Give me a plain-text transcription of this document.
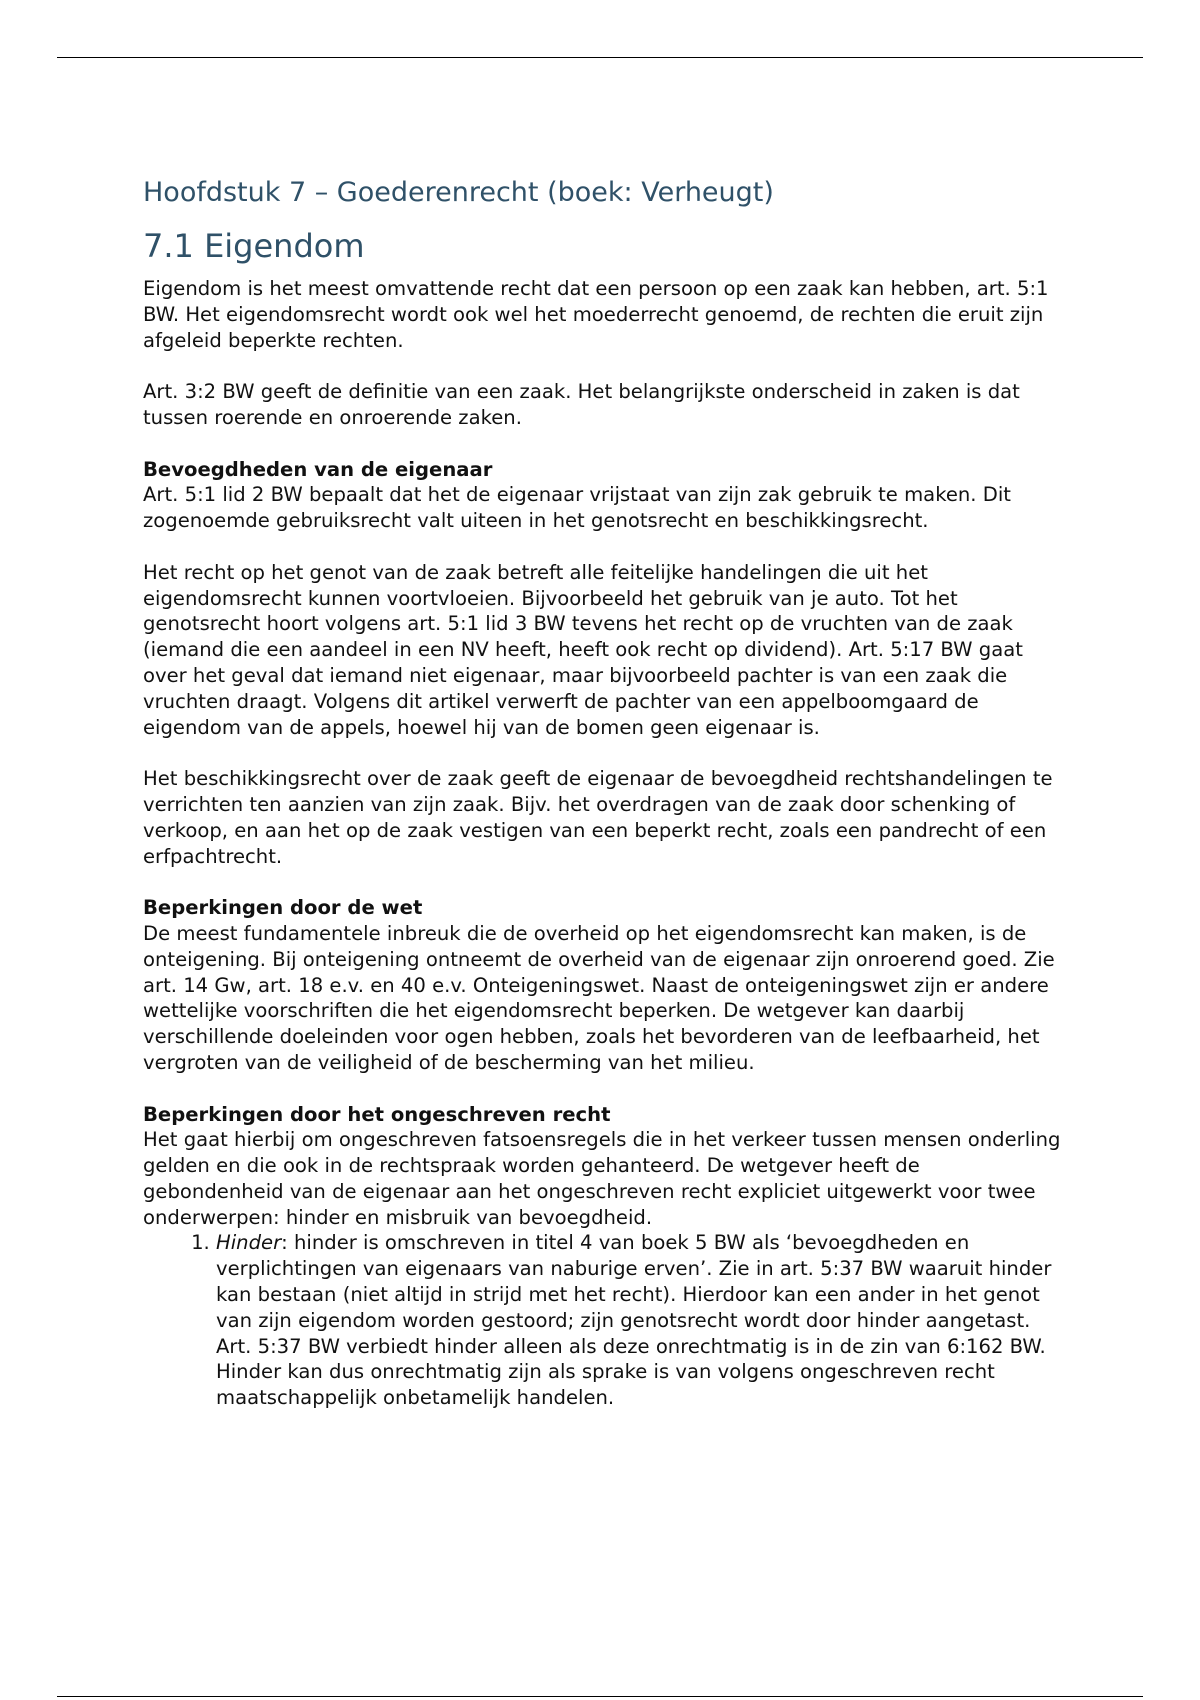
Hoofdstuk 7 – Goederenrecht (boek: Verheugt)
7.1 Eigendom

Eigendom is het meest omvattende recht dat een persoon op een zaak kan hebben, art. 5:1 BW. Het eigendomsrecht wordt ook wel het moederrecht genoemd, de rechten die eruit zijn afgeleid beperkte rechten.

Art. 3:2 BW geeft de definitie van een zaak. Het belangrijkste onderscheid in zaken is dat tussen roerende en onroerende zaken.

Bevoegdheden van de eigenaar

Art. 5:1 lid 2 BW bepaalt dat het de eigenaar vrijstaat van zijn zak gebruik te maken. Dit zogenoemde gebruiksrecht valt uiteen in het genotsrecht en beschikkingsrecht.

Het recht op het genot van de zaak betreft alle feitelijke handelingen die uit het eigendomsrecht kunnen voortvloeien. Bijvoorbeeld het gebruik van je auto. Tot het genotsrecht hoort volgens art. 5:1 lid 3 BW tevens het recht op de vruchten van de zaak (iemand die een aandeel in een NV heeft, heeft ook recht op dividend). Art. 5:17 BW gaat over het geval dat iemand niet eigenaar, maar bijvoorbeeld pachter is van een zaak die vruchten draagt. Volgens dit artikel verwerft de pachter van een appelboomgaard de eigendom van de appels, hoewel hij van de bomen geen eigenaar is.

Het beschikkingsrecht over de zaak geeft de eigenaar de bevoegdheid rechtshandelingen te verrichten ten aanzien van zijn zaak. Bijv. het overdragen van de zaak door schenking of verkoop, en aan het op de zaak vestigen van een beperkt recht, zoals een pandrecht of een erfpachtrecht.

Beperkingen door de wet

De meest fundamentele inbreuk die de overheid op het eigendomsrecht kan maken, is de onteigening. Bij onteigening ontneemt de overheid van de eigenaar zijn onroerend goed. Zie art. 14 Gw, art. 18 e.v. en 40 e.v. Onteigeningswet. Naast de onteigeningswet zijn er andere wettelijke voorschriften die het eigendomsrecht beperken. De wetgever kan daarbij verschillende doeleinden voor ogen hebben, zoals het bevorderen van de leefbaarheid, het vergroten van de veiligheid of de bescherming van het milieu.

Beperkingen door het ongeschreven recht

Het gaat hierbij om ongeschreven fatsoensregels die in het verkeer tussen mensen onderling gelden en die ook in de rechtspraak worden gehanteerd. De wetgever heeft de gebondenheid van de eigenaar aan het ongeschreven recht expliciet uitgewerkt voor twee onderwerpen: hinder en misbruik van bevoegdheid.

1. Hinder: hinder is omschreven in titel 4 van boek 5 BW als ‘bevoegdheden en verplichtingen van eigenaars van naburige erven’. Zie in art. 5:37 BW waaruit hinder kan bestaan (niet altijd in strijd met het recht). Hierdoor kan een ander in het genot van zijn eigendom worden gestoord; zijn genotsrecht wordt door hinder aangetast. Art. 5:37 BW verbiedt hinder alleen als deze onrechtmatig is in de zin van 6:162 BW. Hinder kan dus onrechtmatig zijn als sprake is van volgens ongeschreven recht maatschappelijk onbetamelijk handelen.
